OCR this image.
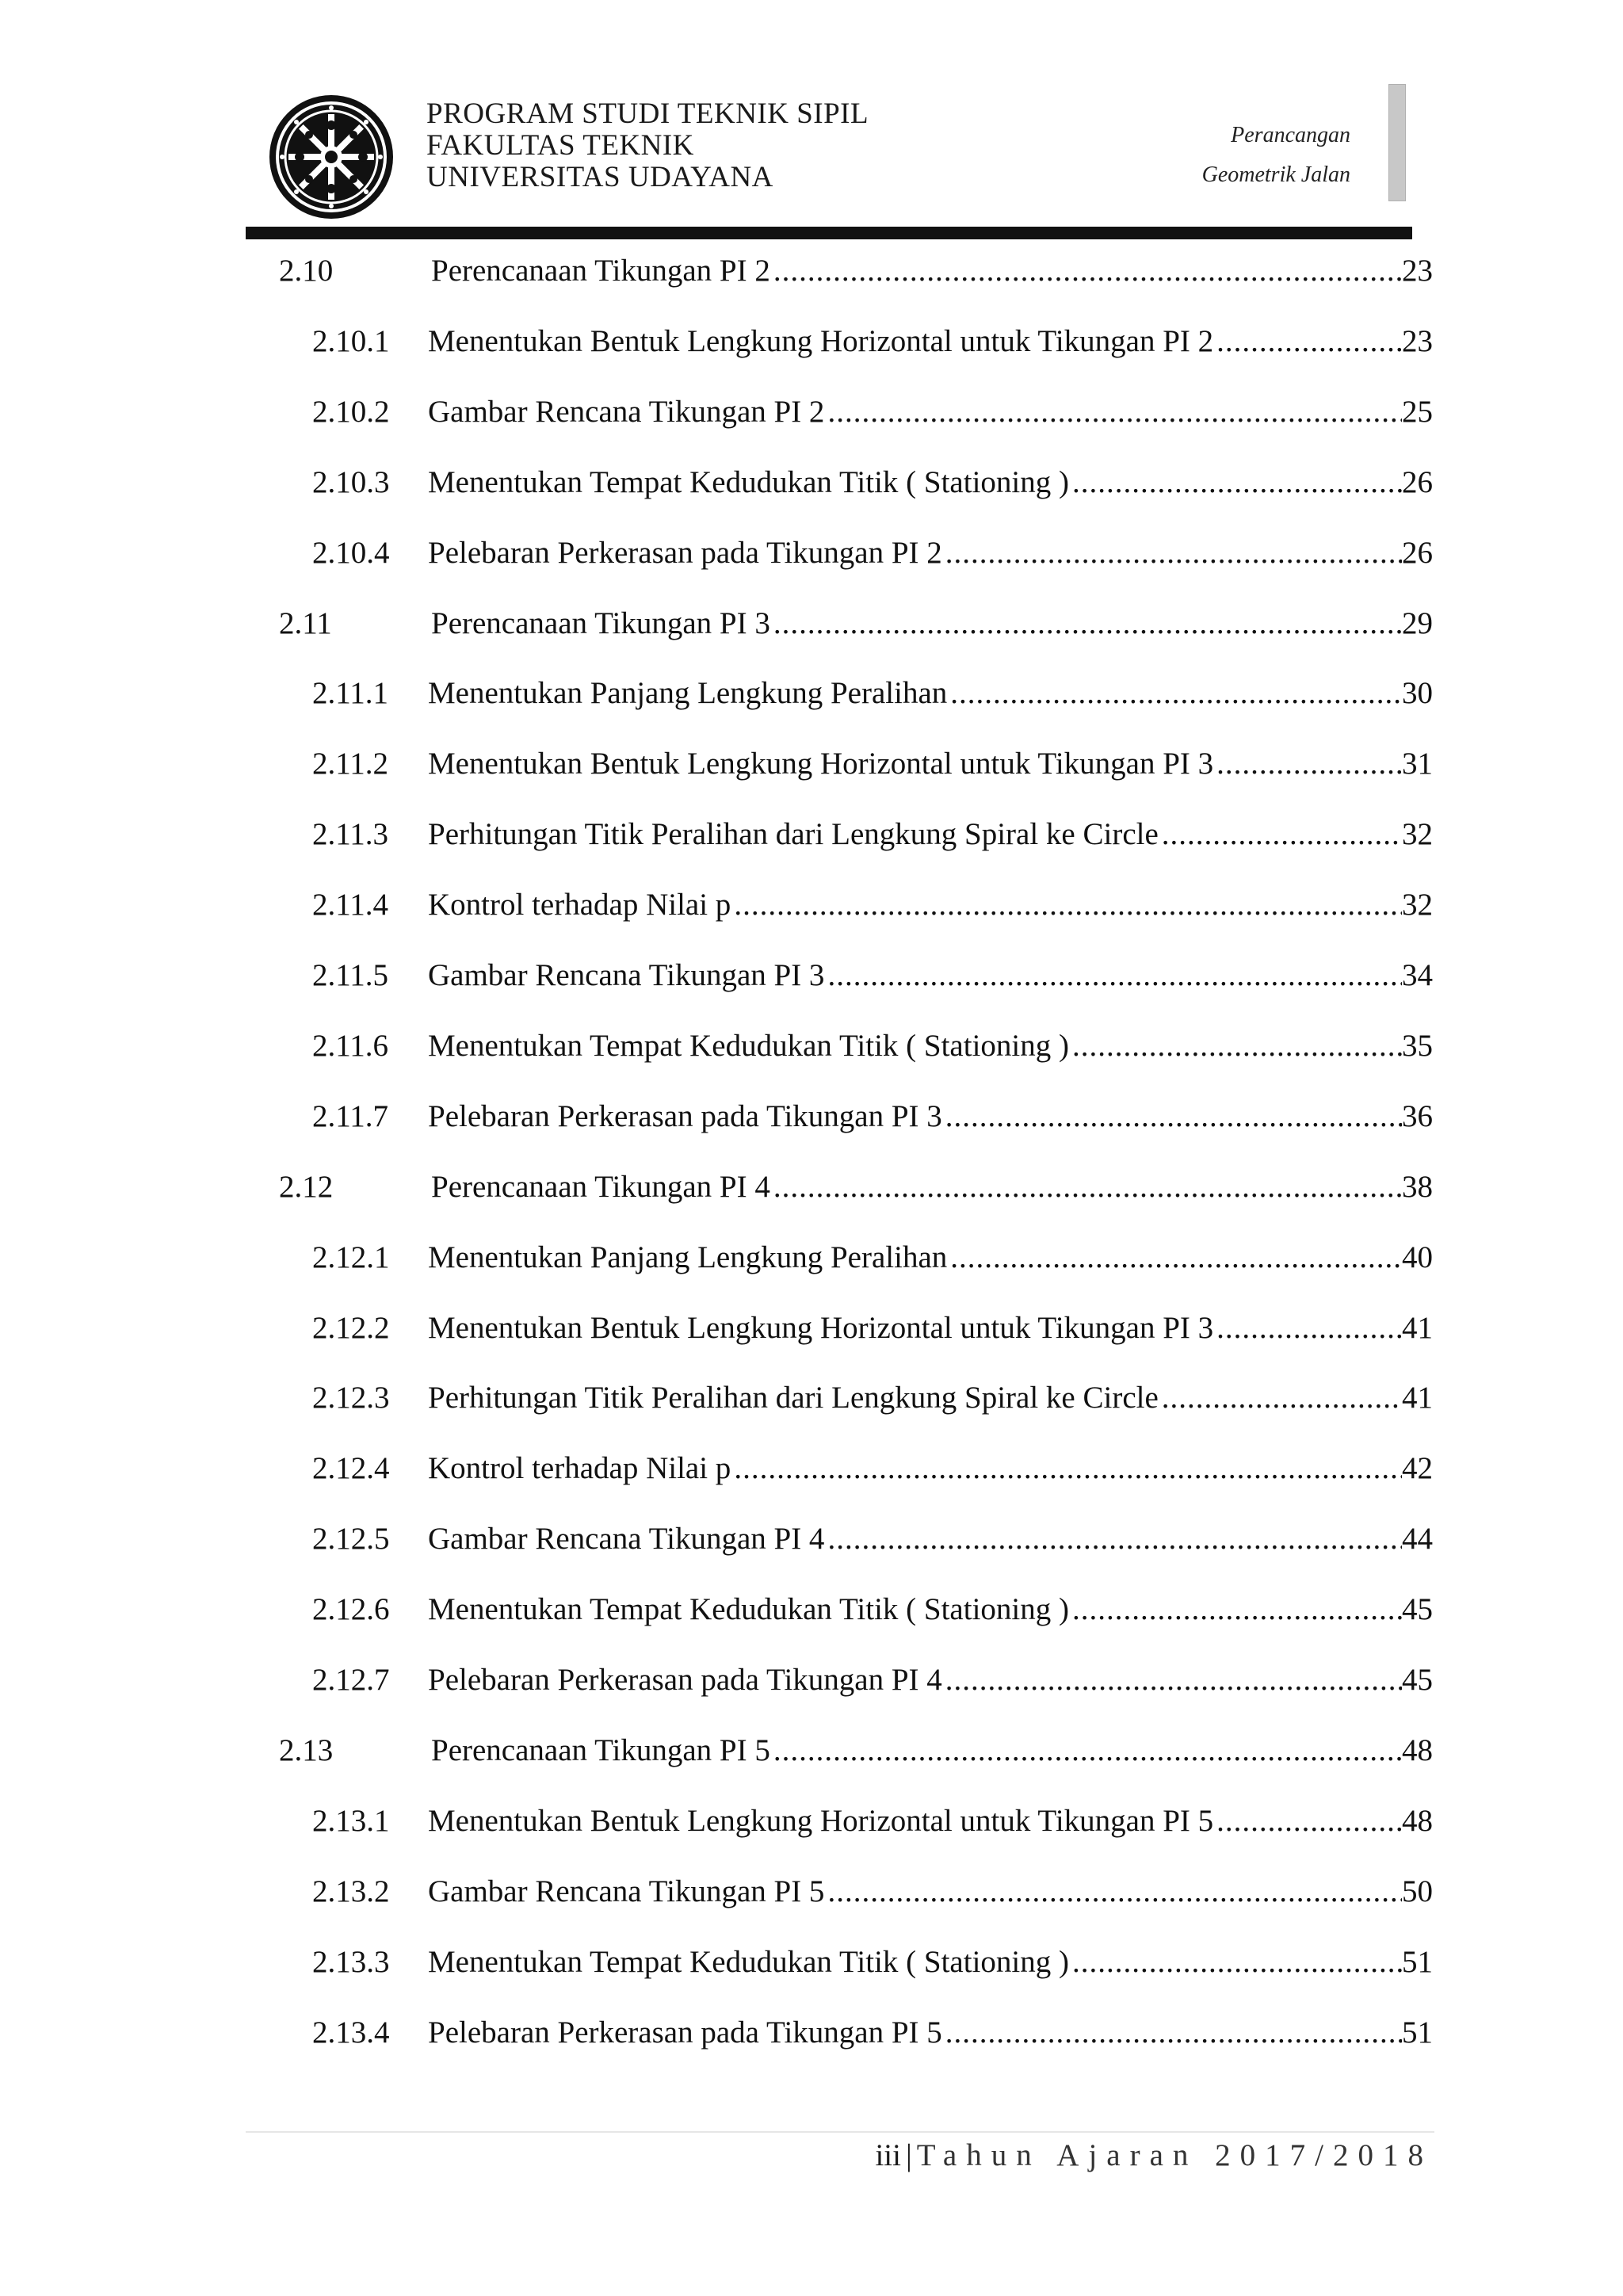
PROGRAM STUDI TEKNIK SIPIL
FAKULTAS TEKNIK
UNIVERSITAS UDAYANA
Perancangan
Geometrik Jalan
2.10	Perencanaan Tikungan PI 2 .....	23
2.10.1	Menentukan Bentuk Lengkung Horizontal untuk Tikungan PI 2 .....	23
2.10.2	Gambar Rencana Tikungan PI 2 .....	25
2.10.3	Menentukan Tempat Kedudukan Titik ( Stationing ) .....	26
2.10.4	Pelebaran Perkerasan pada Tikungan PI 2 .....	26
2.11	Perencanaan Tikungan PI 3 .....	29
2.11.1	Menentukan Panjang Lengkung Peralihan .....	30
2.11.2	Menentukan Bentuk Lengkung Horizontal untuk Tikungan PI 3 .....	31
2.11.3	Perhitungan Titik Peralihan dari Lengkung Spiral ke Circle .....	32
2.11.4	Kontrol terhadap Nilai p .....	32
2.11.5	Gambar Rencana Tikungan PI 3 .....	34
2.11.6	Menentukan Tempat Kedudukan Titik ( Stationing ) .....	35
2.11.7	Pelebaran Perkerasan pada Tikungan PI 3 .....	36
2.12	Perencanaan Tikungan PI 4 .....	38
2.12.1	Menentukan Panjang Lengkung Peralihan .....	40
2.12.2	Menentukan Bentuk Lengkung Horizontal untuk Tikungan PI 3 .....	41
2.12.3	Perhitungan Titik Peralihan dari Lengkung Spiral ke Circle .....	41
2.12.4	Kontrol terhadap Nilai p .....	42
2.12.5	Gambar Rencana Tikungan PI 4 .....	44
2.12.6	Menentukan Tempat Kedudukan Titik ( Stationing ) .....	45
2.12.7	Pelebaran Perkerasan pada Tikungan PI 4 .....	45
2.13	Perencanaan Tikungan PI 5 .....	48
2.13.1	Menentukan Bentuk Lengkung Horizontal untuk Tikungan PI 5 .....	48
2.13.2	Gambar Rencana Tikungan PI 5 .....	50
2.13.3	Menentukan Tempat Kedudukan Titik ( Stationing ) .....	51
2.13.4	Pelebaran Perkerasan pada Tikungan PI 5 .....	51
iii | Tahun Ajaran 2017/2018
